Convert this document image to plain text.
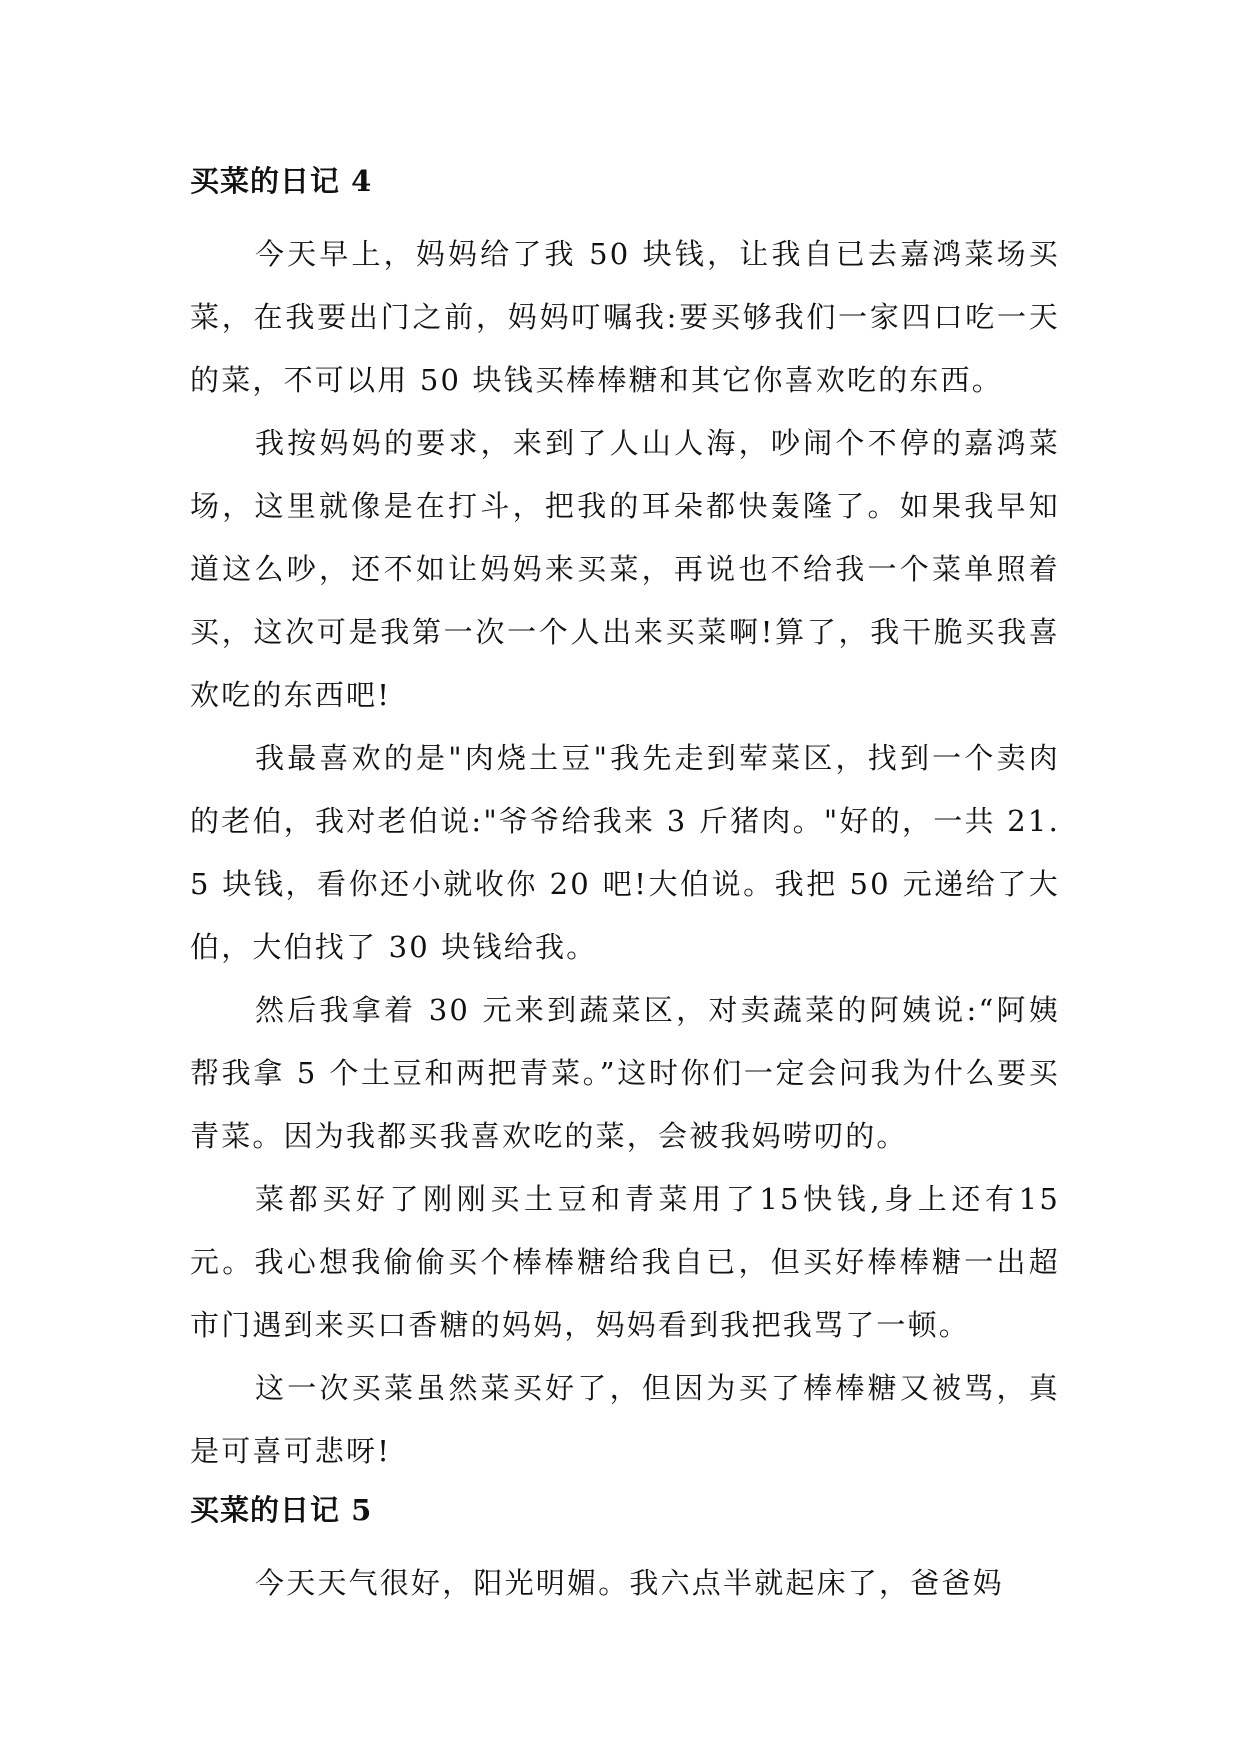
买菜的日记 4

今天早上，妈妈给了我 50 块钱，让我自已去嘉鸿菜场买菜，在我要出门之前，妈妈叮嘱我:要买够我们一家四口吃一天的菜，不可以用 50 块钱买棒棒糖和其它你喜欢吃的东西。

我按妈妈的要求，来到了人山人海，吵闹个不停的嘉鸿菜场，这里就像是在打斗，把我的耳朵都快轰隆了。如果我早知道这么吵，还不如让妈妈来买菜，再说也不给我一个菜单照着买，这次可是我第一次一个人出来买菜啊!算了，我干脆买我喜欢吃的东西吧!

我最喜欢的是"肉烧土豆"我先走到荤菜区，找到一个卖肉的老伯，我对老伯说:"爷爷给我来 3 斤猪肉。"好的，一共 21.5 块钱，看你还小就收你 20 吧!大伯说。我把 50 元递给了大伯，大伯找了 30 块钱给我。

然后我拿着 30 元来到蔬菜区，对卖蔬菜的阿姨说:“阿姨帮我拿 5 个土豆和两把青菜。”这时你们一定会问我为什么要买青菜。因为我都买我喜欢吃的菜，会被我妈唠叨的。

菜都买好了刚刚买土豆和青菜用了15快钱,身上还有15元。我心想我偷偷买个棒棒糖给我自已，但买好棒棒糖一出超市门遇到来买口香糖的妈妈，妈妈看到我把我骂了一顿。

这一次买菜虽然菜买好了，但因为买了棒棒糖又被骂，真是可喜可悲呀!

买菜的日记 5

今天天气很好，阳光明媚。我六点半就起床了，爸爸妈
